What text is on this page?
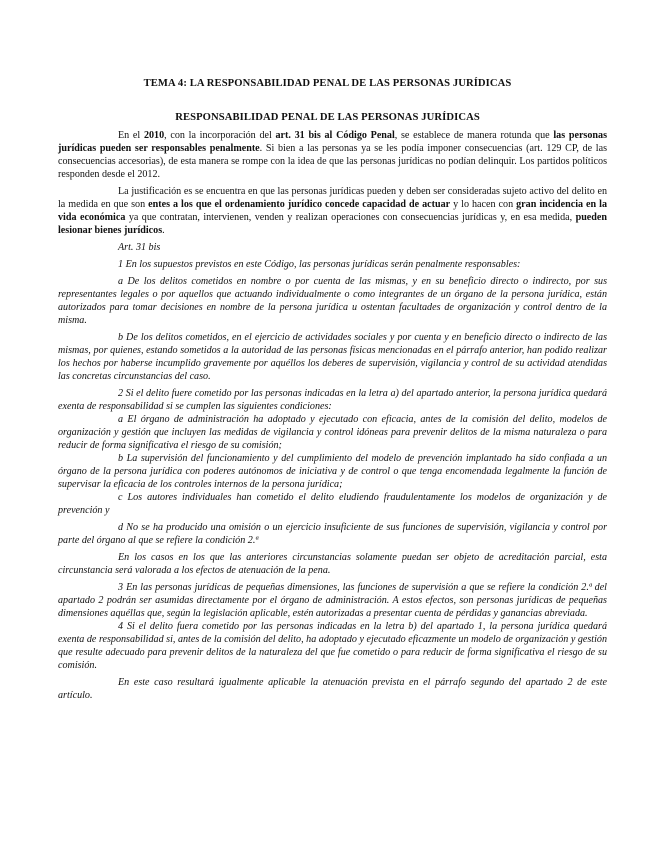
TEMA 4: LA RESPONSABILIDAD PENAL DE LAS PERSONAS JURÍDICAS
RESPONSABILIDAD PENAL DE LAS PERSONAS JURÍDICAS

En el 2010, con la incorporación del art. 31 bis al Código Penal, se establece de manera rotunda que las personas jurídicas pueden ser responsables penalmente. Si bien a las personas ya se les podía imponer consecuencias (art. 129 CP, de las consecuencias accesorias), de esta manera se rompe con la idea de que las personas jurídicas no podían delinquir. Los partidos políticos responden desde el 2012.

La justificación es se encuentra en que las personas jurídicas pueden y deben ser consideradas sujeto activo del delito en la medida en que son entes a los que el ordenamiento jurídico concede capacidad de actuar y lo hacen con gran incidencia en la vida económica ya que contratan, intervienen, venden y realizan operaciones con consecuencias jurídicas y, en esa medida, pueden lesionar bienes jurídicos.

Art. 31 bis

1 En los supuestos previstos en este Código, las personas jurídicas serán penalmente responsables:

a De los delitos cometidos en nombre o por cuenta de las mismas, y en su beneficio directo o indirecto, por sus representantes legales o por aquellos que actuando individualmente o como integrantes de un órgano de la persona jurídica, están autorizados para tomar decisiones en nombre de la persona jurídica u ostentan facultades de organización y control dentro de la misma.

b De los delitos cometidos, en el ejercicio de actividades sociales y por cuenta y en beneficio directo o indirecto de las mismas, por quienes, estando sometidos a la autoridad de las personas físicas mencionadas en el párrafo anterior, han podido realizar los hechos por haberse incumplido gravemente por aquéllos los deberes de supervisión, vigilancia y control de su actividad atendidas las concretas circunstancias del caso.

2 Si el delito fuere cometido por las personas indicadas en la letra a) del apartado anterior, la persona jurídica quedará exenta de responsabilidad si se cumplen las siguientes condiciones:

a El órgano de administración ha adoptado y ejecutado con eficacia, antes de la comisión del delito, modelos de organización y gestión que incluyen las medidas de vigilancia y control idóneas para prevenir delitos de la misma naturaleza o para reducir de forma significativa el riesgo de su comisión;

b La supervisión del funcionamiento y del cumplimiento del modelo de prevención implantado ha sido confiada a un órgano de la persona jurídica con poderes autónomos de iniciativa y de control o que tenga encomendada legalmente la función de supervisar la eficacia de los controles internos de la persona jurídica;

c Los autores individuales han cometido el delito eludiendo fraudulentamente los modelos de organización y de prevención y

d No se ha producido una omisión o un ejercicio insuficiente de sus funciones de supervisión, vigilancia y control por parte del órgano al que se refiere la condición 2.ª

En los casos en los que las anteriores circunstancias solamente puedan ser objeto de acreditación parcial, esta circunstancia será valorada a los efectos de atenuación de la pena.

3 En las personas jurídicas de pequeñas dimensiones, las funciones de supervisión a que se refiere la condición 2.ª del apartado 2 podrán ser asumidas directamente por el órgano de administración. A estos efectos, son personas jurídicas de pequeñas dimensiones aquéllas que, según la legislación aplicable, estén autorizadas a presentar cuenta de pérdidas y ganancias abreviada.

4 Si el delito fuera cometido por las personas indicadas en la letra b) del apartado 1, la persona jurídica quedará exenta de responsabilidad si, antes de la comisión del delito, ha adoptado y ejecutado eficazmente un modelo de organización y gestión que resulte adecuado para prevenir delitos de la naturaleza del que fue cometido o para reducir de forma significativa el riesgo de su comisión.

En este caso resultará igualmente aplicable la atenuación prevista en el párrafo segundo del apartado 2 de este artículo.
